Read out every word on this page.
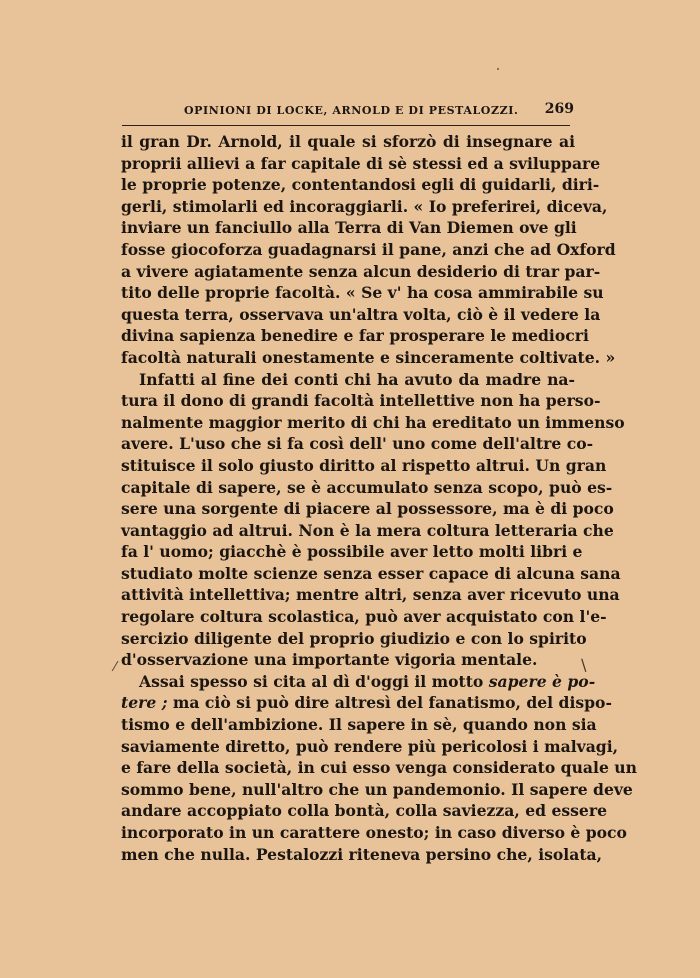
OPINIONI DI LOCKE, ARNOLD E DI PESTALOZZI. 269
il gran Dr. Arnold, il quale si sforzò di insegnare ai
proprii allievi a far capitale di sè stessi ed a sviluppare
le proprie potenze, contentandosi egli di guidarli, diri-
gerli, stimolarli ed incoraggiarli. « Io preferirei, diceva,
inviare un fanciullo alla Terra di Van Diemen ove gli
fosse giocoforza guadagnarsi il pane, anzi che ad Oxford
a vivere agiatamente senza alcun desiderio di trar par-
tito delle proprie facoltà. « Se v' ha cosa ammirabile su
questa terra, osservava un'altra volta, ciò è il vedere la
divina sapienza benedire e far prosperare le mediocri
facoltà naturali onestamente e sinceramente coltivate. »
Infatti al fine dei conti chi ha avuto da madre na-
tura il dono di grandi facoltà intellettive non ha perso-
nalmente maggior merito di chi ha ereditato un immenso
avere. L'uso che si fa così dell' uno come dell'altre co-
stituisce il solo giusto diritto al rispetto altrui. Un gran
capitale di sapere, se è accumulato senza scopo, può es-
sere una sorgente di piacere al possessore, ma è di poco
vantaggio ad altrui. Non è la mera coltura letteraria che
fa l' uomo; giacchè è possibile aver letto molti libri e
studiato molte scienze senza esser capace di alcuna sana
attività intellettiva; mentre altri, senza aver ricevuto una
regolare coltura scolastica, può aver acquistato con l'e-
sercizio diligente del proprio giudizio e con lo spirito
d'osservazione una importante vigoria mentale.
Assai spesso si cita al dì d'oggi il motto sapere è po-
tere ; ma ciò si può dire altresì del fanatismo, del dispo-
tismo e dell'ambizione. Il sapere in sè, quando non sia
saviamente diretto, può rendere più pericolosi i malvagi,
e fare della società, in cui esso venga considerato quale un
sommo bene, null'altro che un pandemonio. Il sapere deve
andare accoppiato colla bontà, colla saviezza, ed essere
incorporato in un carattere onesto; in caso diverso è poco
men che nulla. Pestalozzi riteneva persino che, isolata,
⁄	∖
